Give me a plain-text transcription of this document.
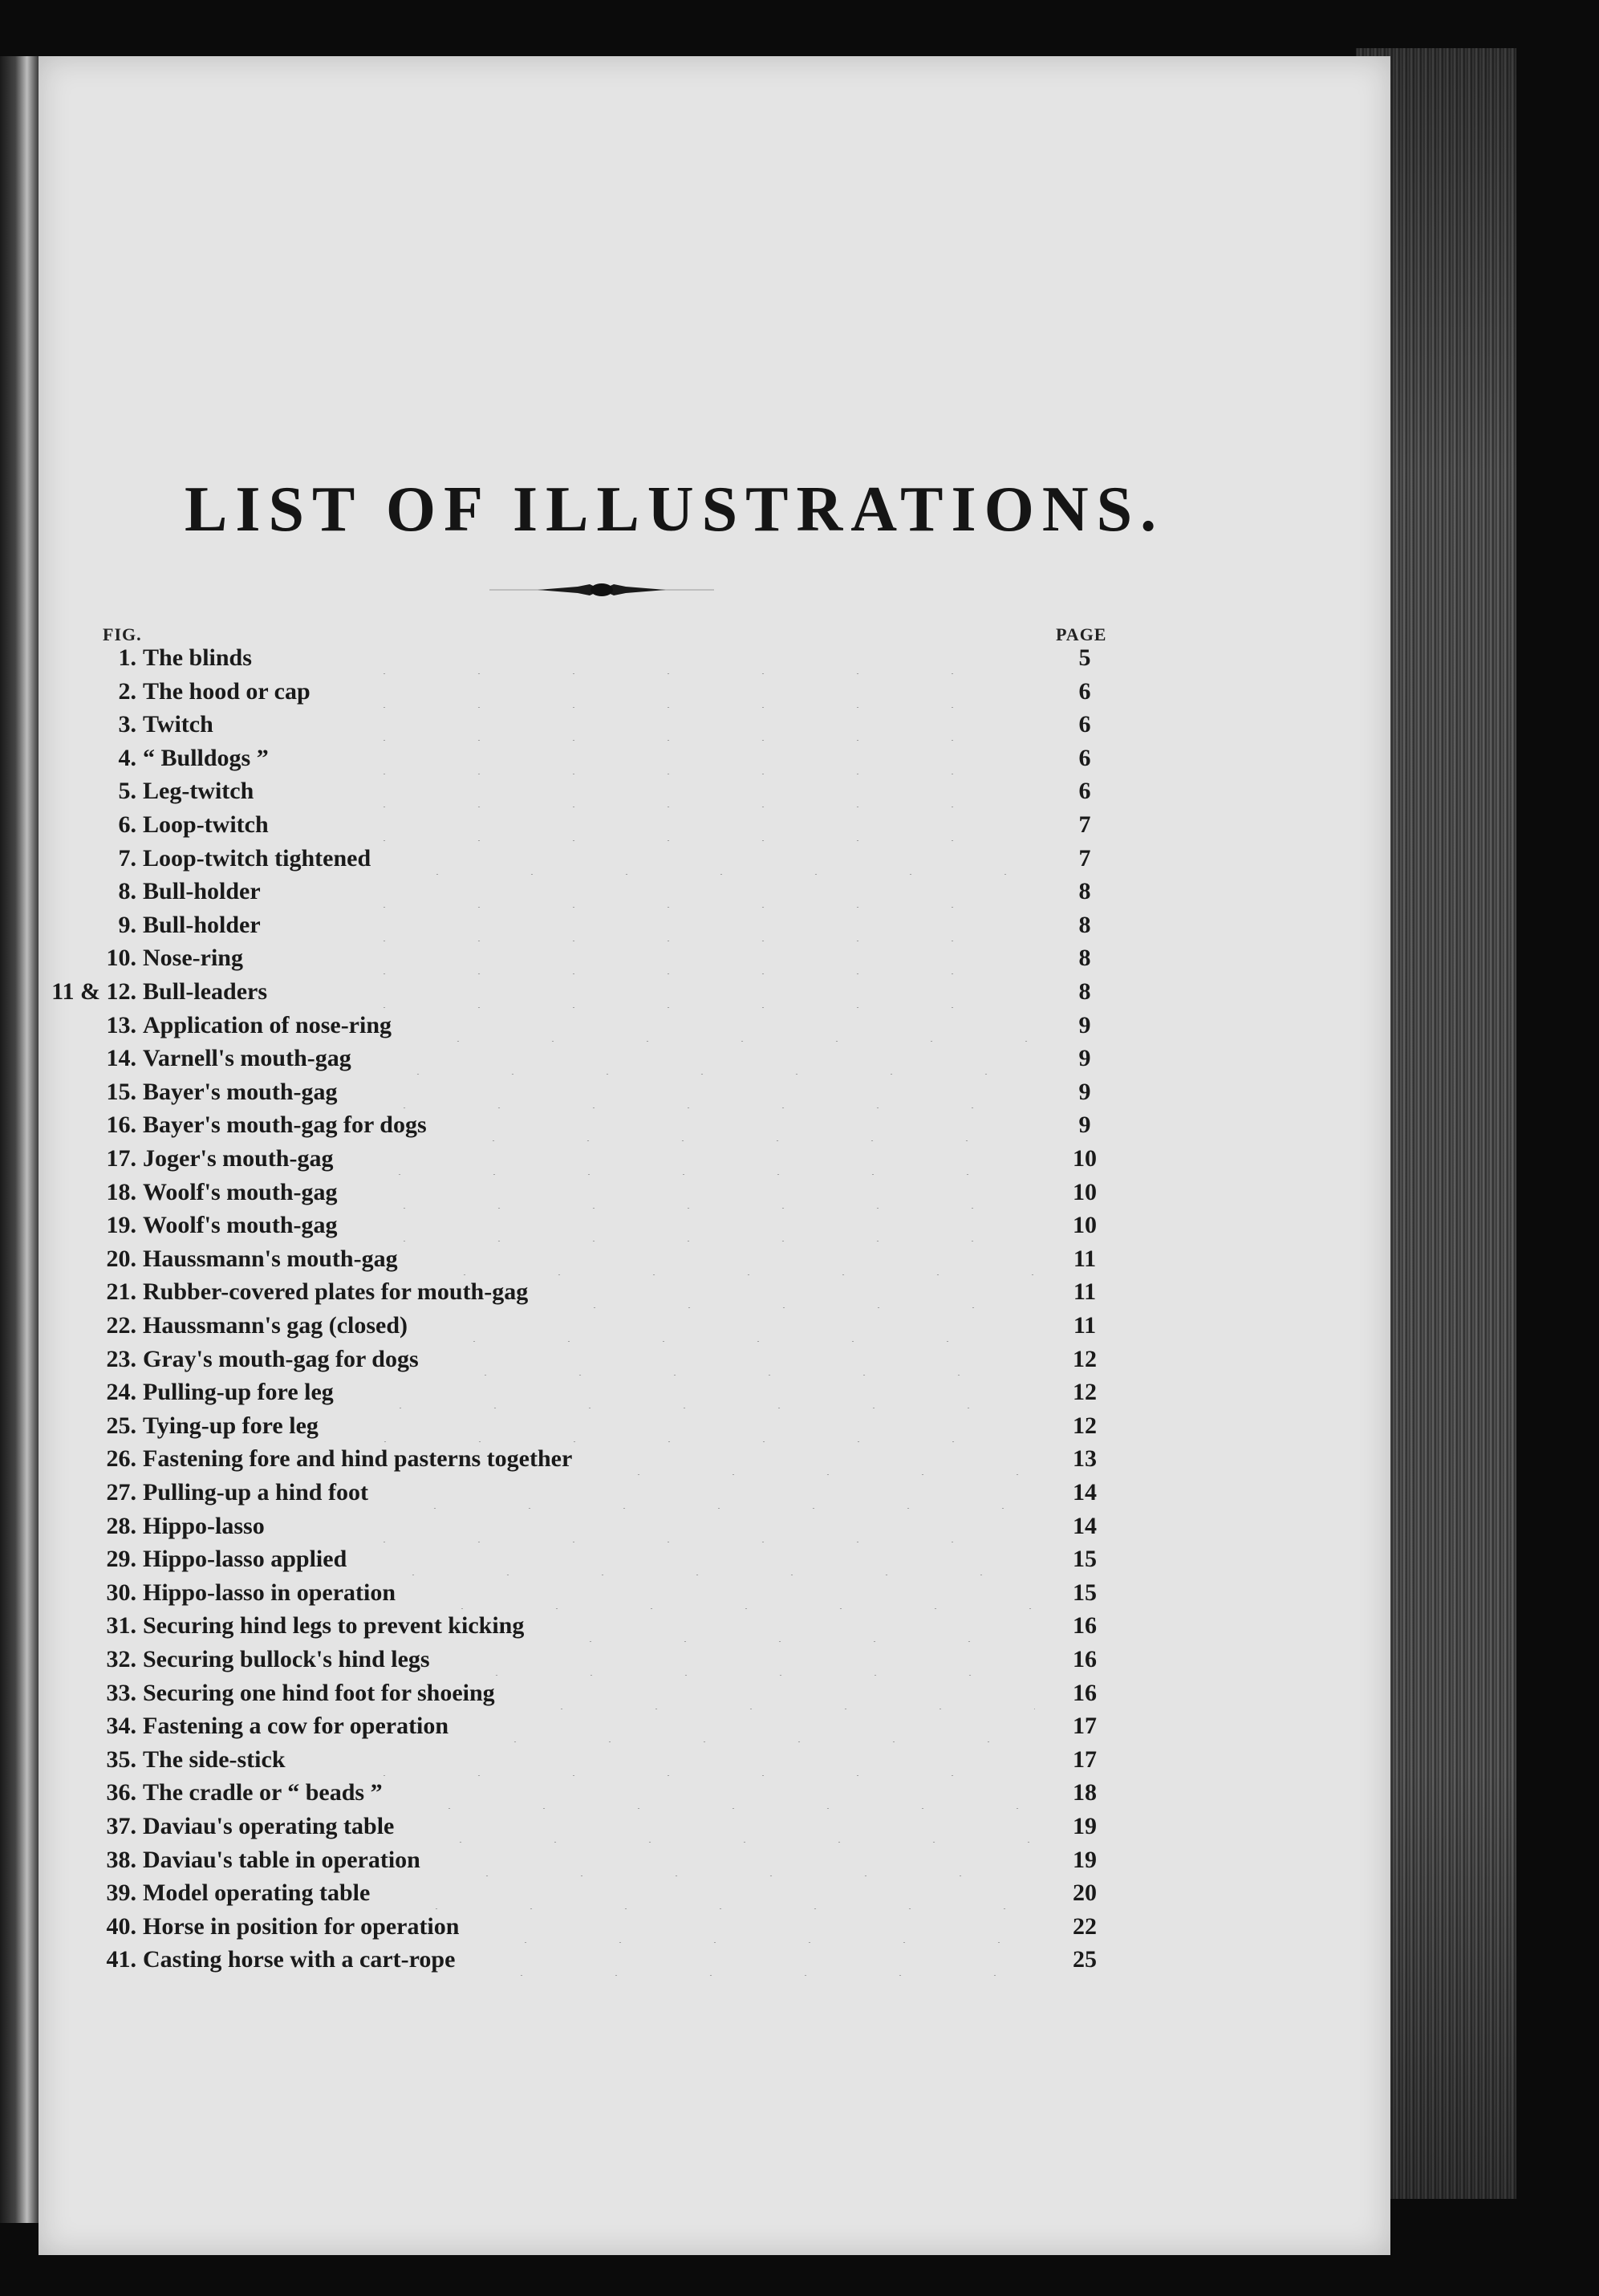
LIST OF ILLUSTRATIONS.
FIG.	PAGE
1. The blinds	5
2. The hood or cap	6
3. Twitch	6
4. “ Bulldogs ”	6
5. Leg-twitch	6
6. Loop-twitch	7
7. Loop-twitch tightened	7
8. Bull-holder	8
9. Bull-holder	8
10. Nose-ring	8
11 & 12. Bull-leaders	8
13. Application of nose-ring	9
14. Varnell's mouth-gag	9
15. Bayer's mouth-gag	9
16. Bayer's mouth-gag for dogs	9
17. Joger's mouth-gag	10
18. Woolf's mouth-gag	10
19. Woolf's mouth-gag	10
20. Haussmann's mouth-gag	11
21. Rubber-covered plates for mouth-gag	11
22. Haussmann's gag (closed)	11
23. Gray's mouth-gag for dogs	12
24. Pulling-up fore leg	12
25. Tying-up fore leg	12
26. Fastening fore and hind pasterns together	13
27. Pulling-up a hind foot	14
28. Hippo-lasso	14
29. Hippo-lasso applied	15
30. Hippo-lasso in operation	15
31. Securing hind legs to prevent kicking	16
32. Securing bullock's hind legs	16
33. Securing one hind foot for shoeing	16
34. Fastening a cow for operation	17
35. The side-stick	17
36. The cradle or “ beads ”	18
37. Daviau's operating table	19
38. Daviau's table in operation	19
39. Model operating table	20
40. Horse in position for operation	22
41. Casting horse with a cart-rope	25
